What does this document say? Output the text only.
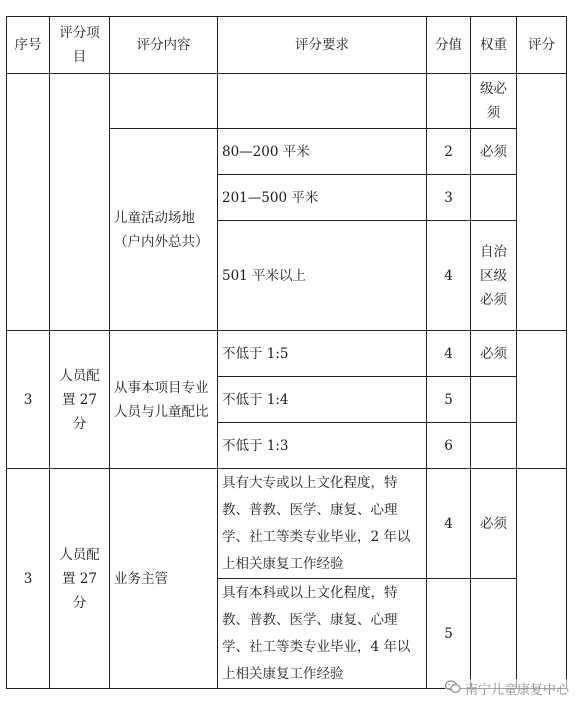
序号	评分项目	评分内容	评分要求	分值	权重	评分
					级必须	
		儿童活动场地（户内外总共）	80—200 平米	2	必须	
			201—500 平米	3		
			501 平米以上	4	自治区级必须	
3	人员配置 27 分	从事本项目专业人员与儿童配比	不低于 1:5	4	必须	
			不低于 1:4	5		
			不低于 1:3	6		
3	人员配置 27 分	业务主管	具有大专或以上文化程度，特教、普教、医学、康复、心理学、社工等类专业毕业，2 年以上相关康复工作经验	4	必须	
			具有本科或以上文化程度，特教、普教、医学、康复、心理学、社工等类专业毕业，4 年以上相关康复工作经验	5		
南宁儿童康复中心
